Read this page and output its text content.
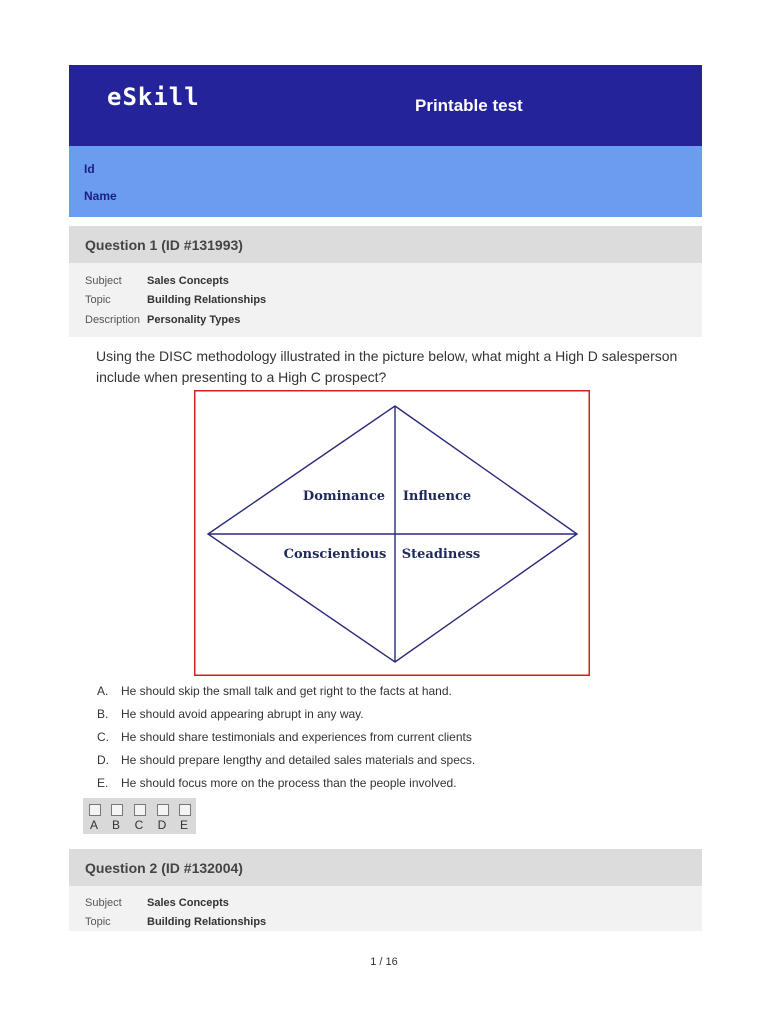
eSkill	Printable test
Id
Name
Question 1 (ID #131993)
Subject Sales Concepts
Topic	Building Relationships
Description Personality Types
Using the DISC methodology illustrated in the picture below, what might a High D salesperson include when presenting to a High C prospect?
Dominance Influence
Conscientious Steadiness
A. He should skip the small talk and get right to the facts at hand.
B. He should avoid appearing abrupt in any way.
C. He should share testimonials and experiences from current clients
D. He should prepare lengthy and detailed sales materials and specs.
E. He should focus more on the process than the people involved.
A B C D E
Question 2 (ID #132004)
Subject Sales Concepts
Topic	Building Relationships
1 / 16
